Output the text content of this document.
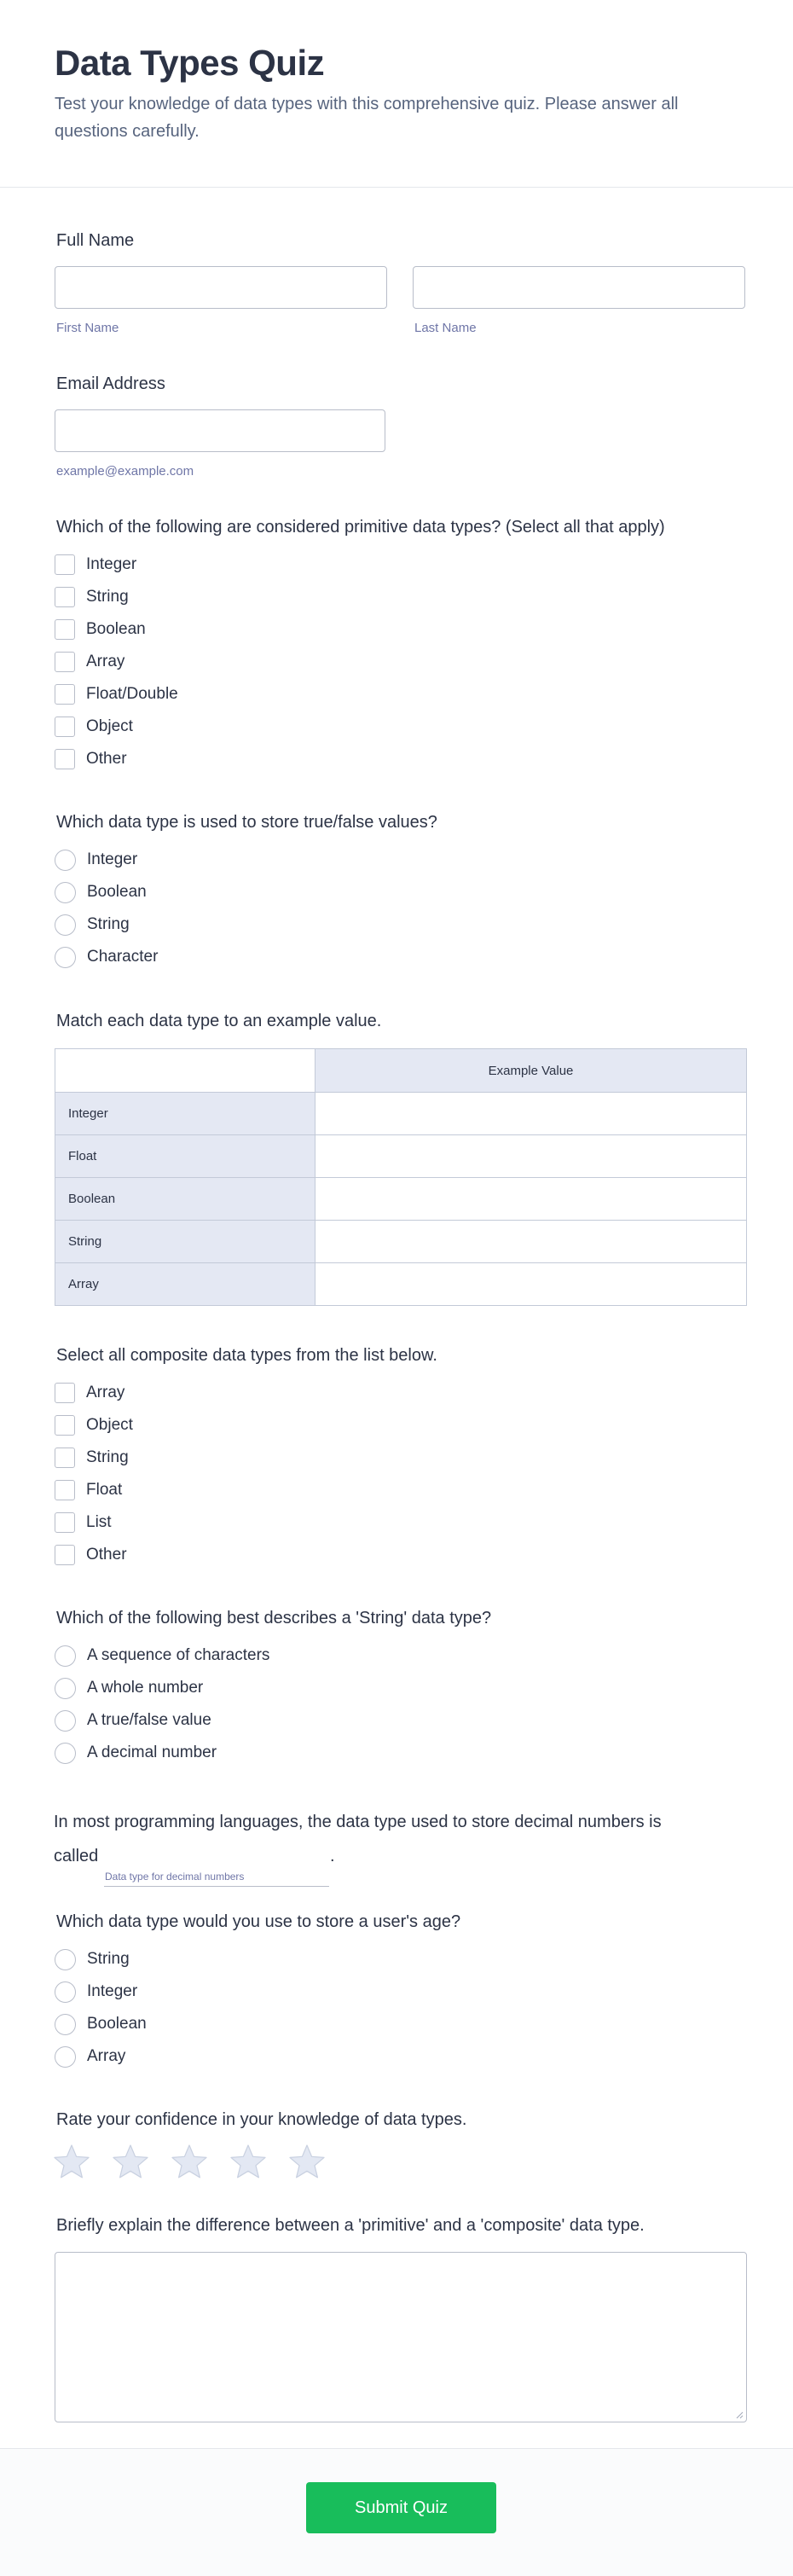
Data Types Quiz

Test your knowledge of data types with this comprehensive quiz. Please answer all questions carefully.

Full Name
First Name	Last Name
Email Address
example@example.com
Which of the following are considered primitive data types? (Select all that apply)
Integer
String
Boolean
Array
Float/Double
Object
Other
Which data type is used to store true/false values?
Integer
Boolean
String
Character
Match each data type to an example value.
Example Value
Integer
Float
Boolean
String
Array
Select all composite data types from the list below.
Array
Object
String
Float
List
Other
Which of the following best describes a 'String' data type?
A sequence of characters
A whole number
A true/false value
A decimal number
In most programming languages, the data type used to store decimal numbers is
called	.
Data type for decimal numbers
Which data type would you use to store a user's age?
String
Integer
Boolean
Array
Rate your confidence in your knowledge of data types.
Briefly explain the difference between a 'primitive' and a 'composite' data type.
Submit Quiz
